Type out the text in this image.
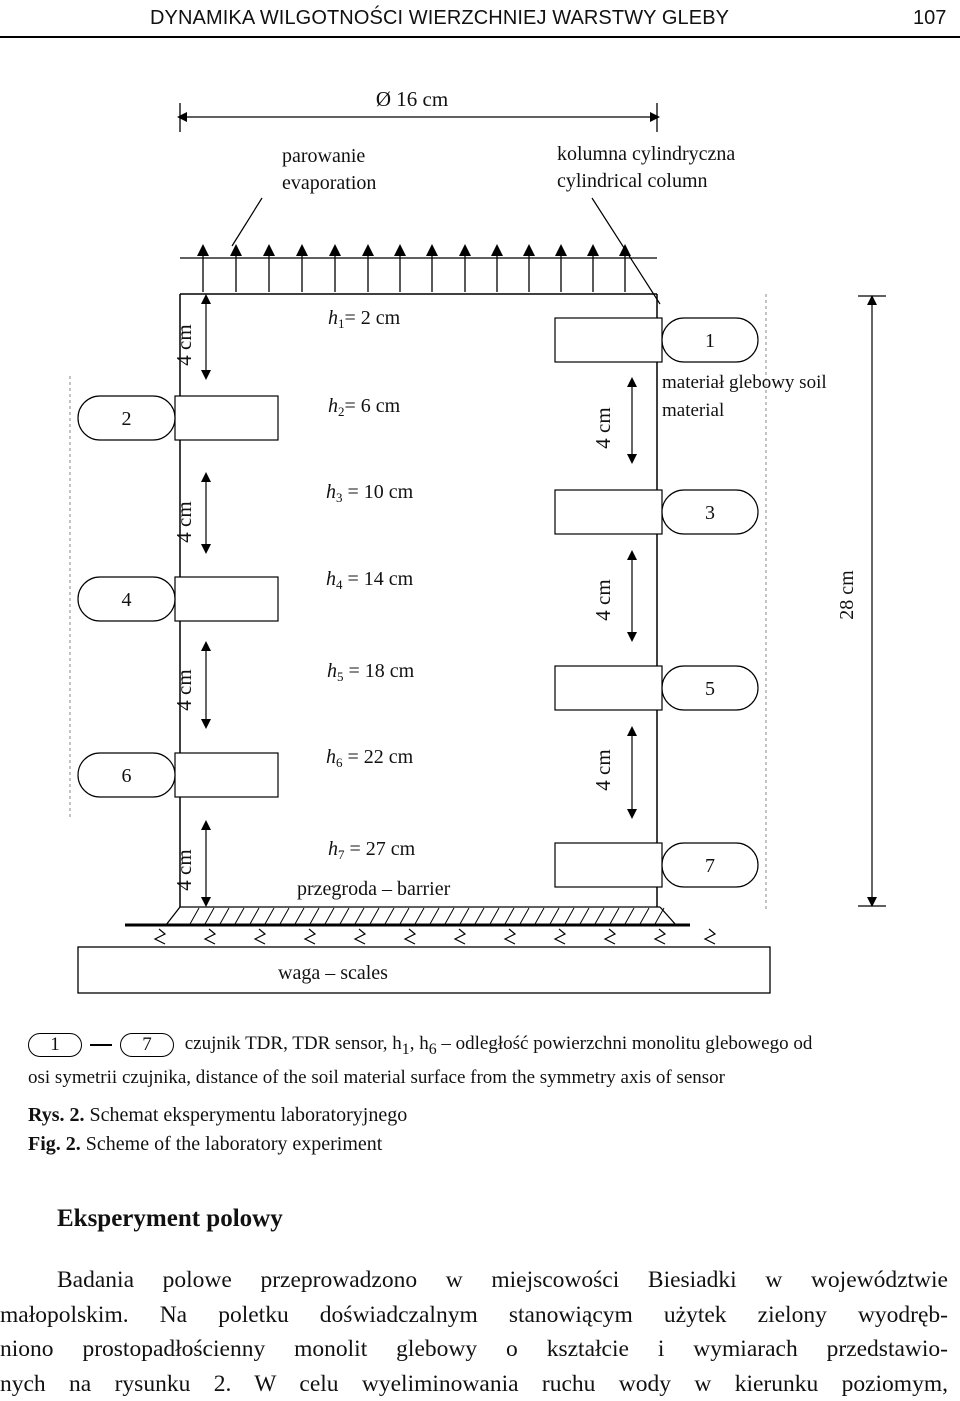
DYNAMIKA WILGOTNOŚCI WIERZCHNIEJ WARSTWY GLEBY	107
Ø 16 cm
parowanie
evaporation
kolumna cylindryczna
cylindrical column
1
$h_1= 2$ cm
2
$h_2= 6$ cm
3
$h_3 = 10$ cm
4
$h_4 = 14$ cm
5
$h_5 = 18$ cm
6
$h_6 = 22$ cm
7
$h_7 = 27$ cm
4 cm
4 cm
4 cm
4 cm
4 cm
4 cm
4 cm
materiał glebowy soil
material
28 cm
przegroda – barrier
waga – scales
1	7 czujnik TDR, TDR sensor, $h_1$, $h_6$ – odległość powierzchni monolitu glebowego od
osi symetrii czujnika, distance of the soil material surface from the symmetry axis of sensor
Rys. 2. Schemat eksperymentu laboratoryjnego
Fig. 2. Scheme of the laboratory experiment
Eksperyment polowy
Badania polowe przeprowadzono w miejscowości Biesiadki w województwie
małopolskim. Na poletku doświadczalnym stanowiącym użytek zielony wyodręb-
niono prostopadłościenny monolit glebowy o kształcie i wymiarach przedstawio-
nych na rysunku 2. W celu wyeliminowania ruchu wody w kierunku poziomym,
